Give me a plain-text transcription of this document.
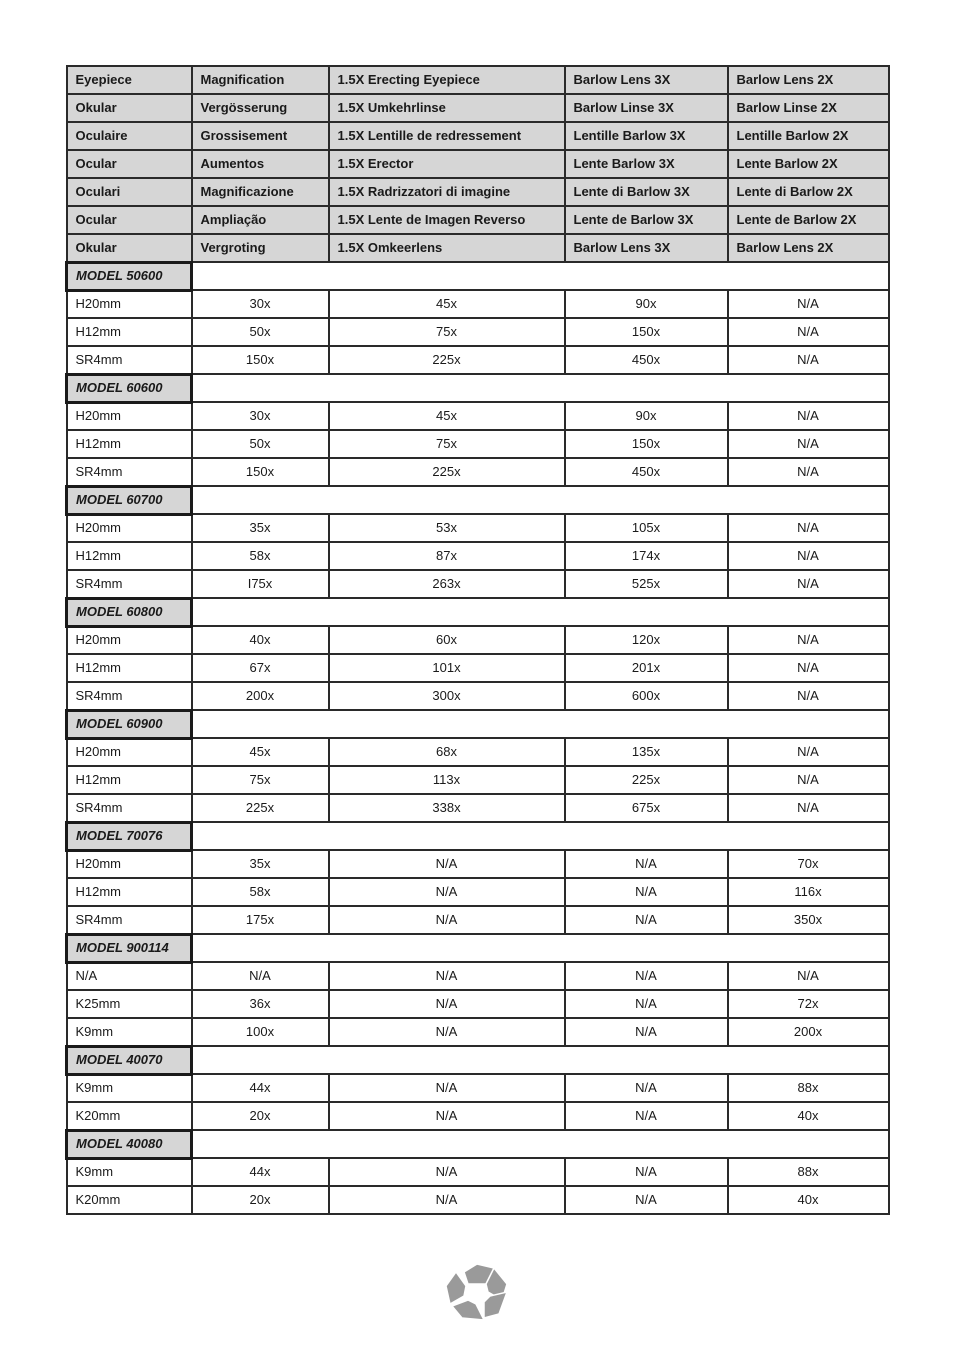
Eyepiece	Magnification	1.5X Erecting Eyepiece	Barlow Lens 3X	Barlow Lens 2X
Okular	Vergösserung	1.5X Umkehrlinse	Barlow Linse 3X	Barlow Linse 2X
Oculaire	Grossisement	1.5X Lentille de redressement	Lentille Barlow 3X	Lentille Barlow 2X
Ocular	Aumentos	1.5X Erector	Lente Barlow 3X	Lente Barlow 2X
Oculari	Magnificazione	1.5X Radrizzatori di imagine	Lente di Barlow 3X	Lente di Barlow 2X
Ocular	Ampliação	1.5X Lente de Imagen Reverso	Lente de Barlow 3X	Lente de Barlow 2X
Okular	Vergroting	1.5X Omkeerlens	Barlow Lens 3X	Barlow Lens 2X
MODEL 50600				
H20mm	30x	45x	90x	N/A
H12mm	50x	75x	150x	N/A
SR4mm	150x	225x	450x	N/A
MODEL 60600				
H20mm	30x	45x	90x	N/A
H12mm	50x	75x	150x	N/A
SR4mm	150x	225x	450x	N/A
MODEL 60700				
H20mm	35x	53x	105x	N/A
H12mm	58x	87x	174x	N/A
SR4mm	I75x	263x	525x	N/A
MODEL 60800				
H20mm	40x	60x	120x	N/A
H12mm	67x	101x	201x	N/A
SR4mm	200x	300x	600x	N/A
MODEL 60900				
H20mm	45x	68x	135x	N/A
H12mm	75x	113x	225x	N/A
SR4mm	225x	338x	675x	N/A
MODEL 70076				
H20mm	35x	N/A	N/A	70x
H12mm	58x	N/A	N/A	116x
SR4mm	175x	N/A	N/A	350x
MODEL 900114				
N/A	N/A	N/A	N/A	N/A
K25mm	36x	N/A	N/A	72x
K9mm	100x	N/A	N/A	200x
MODEL 40070				
K9mm	44x	N/A	N/A	88x
K20mm	20x	N/A	N/A	40x
MODEL 40080				
K9mm	44x	N/A	N/A	88x
K20mm	20x	N/A	N/A	40x
